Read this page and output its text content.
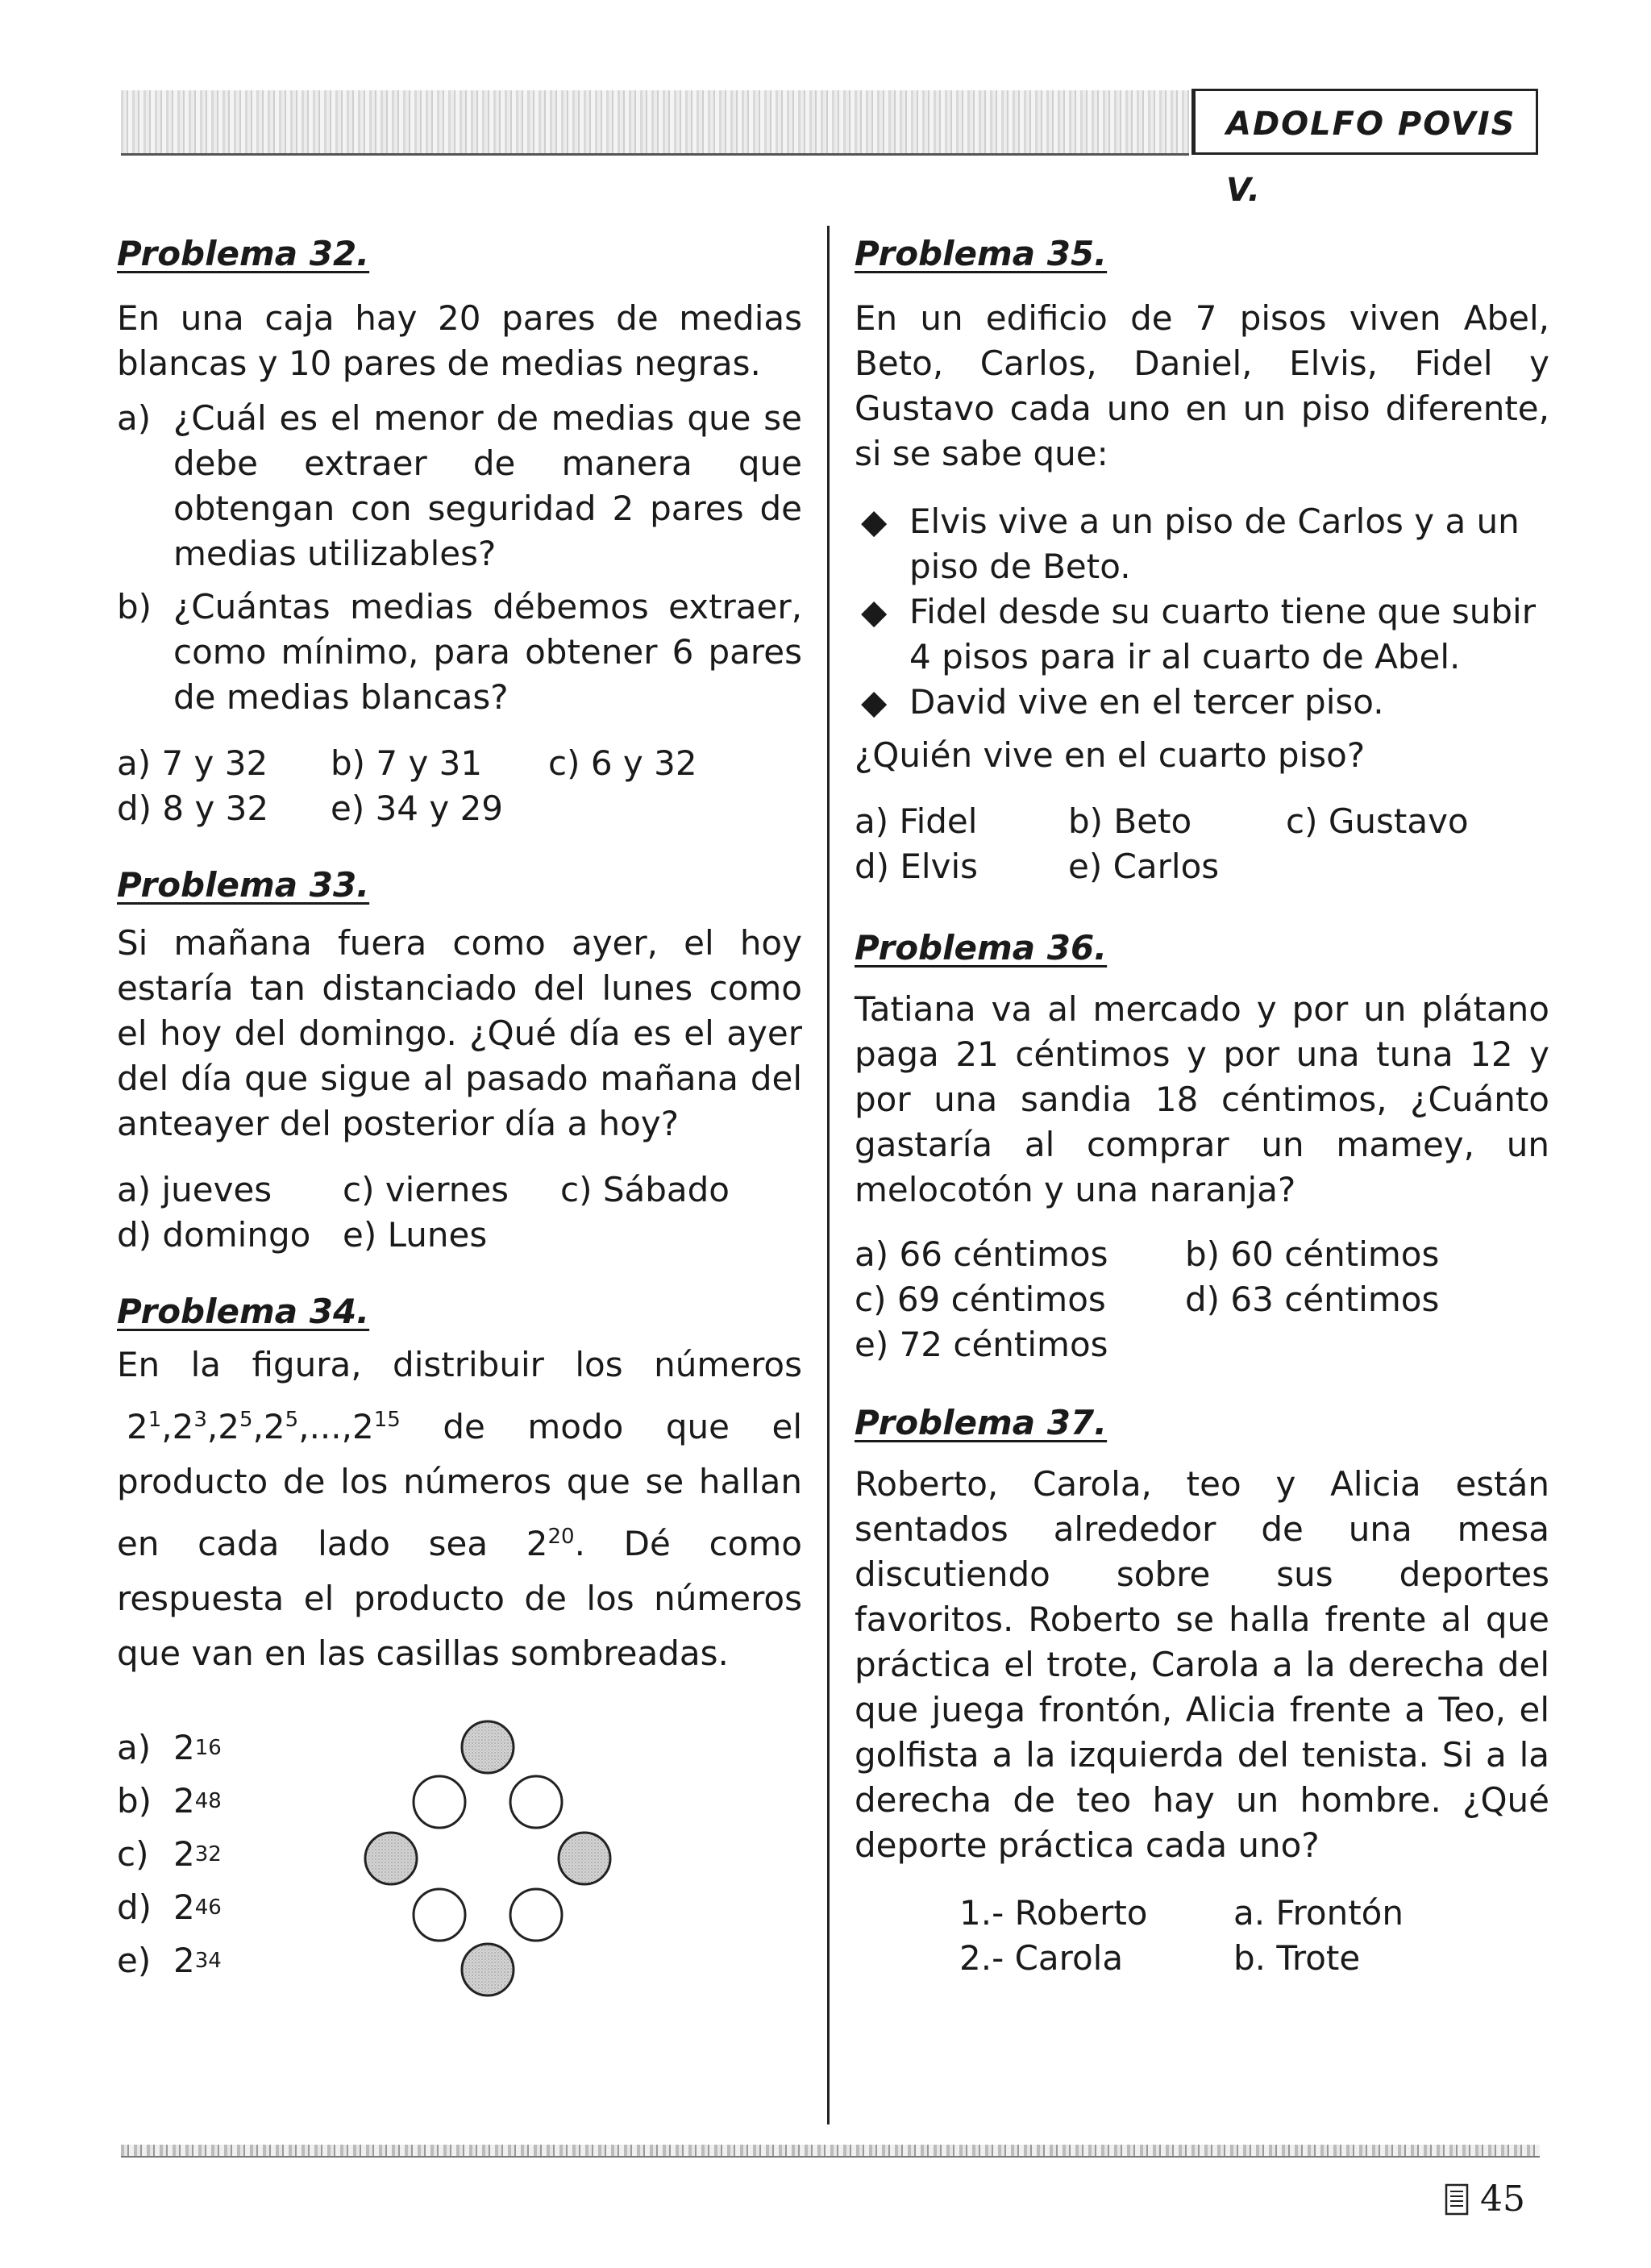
ADOLFO POVIS V.
Problema 32.

En una caja hay 20 pares de medias blancas y 10 pares de medias negras.

a) ¿Cuál es el menor de medias que se debe extraer de manera que obtengan con seguridad 2 pares de medias utilizables?
b) ¿Cuántas medias débemos extraer, como mínimo, para obtener 6 pares de medias blancas?
a) 7 y 32	b) 7 y 31	c) 6 y 32
d) 8 y 32	e) 34 y 29
Problema 33.

Si mañana fuera como ayer, el hoy estaría tan distanciado del lunes como el hoy del domingo. ¿Qué día es el ayer del día que sigue al pasado mañana del anteayer del posterior día a hoy?

a) jueves	c) viernes	c) Sábado
d) domingo e) Lunes
Problema 34.

En la figura, distribuir los números $2^1,2^3,2^5,2^5,...,2^{15}$ de modo que el producto de los números que se hallan en cada lado sea $2^{20}$. Dé como respuesta el producto de los números que van en las casillas sombreadas.

a) 2 16
b) 2 48
c) 2 32
d) 2 46
e) 2 34
Problema 35.

En un edificio de 7 pisos viven Abel, Beto, Carlos, Daniel, Elvis, Fidel y Gustavo cada uno en un piso diferente, si se sabe que:

◆ Elvis vive a un piso de Carlos y a un piso de Beto.
◆ Fidel desde su cuarto tiene que subir 4 pisos para ir al cuarto de Abel.
◆ David vive en el tercer piso.

¿Quién vive en el cuarto piso?

a) Fidel	b) Beto	c) Gustavo
d) Elvis	e) Carlos
Problema 36.

Tatiana va al mercado y por un plátano paga 21 céntimos y por una tuna 12 y por una sandia 18 céntimos, ¿Cuánto gastaría al comprar un mamey, un melocotón y una naranja?

a) 66 céntimos	b) 60 céntimos
c) 69 céntimos	d) 63 céntimos
e) 72 céntimos
Problema 37.

Roberto, Carola, teo y Alicia están sentados alrededor de una mesa discutiendo sobre sus deportes favoritos. Roberto se halla frente al que práctica el trote, Carola a la derecha del que juega frontón, Alicia frente a Teo, el golfista a la izquierda del tenista. Si a la derecha de teo hay un hombre. ¿Qué deporte práctica cada uno?

1.- Roberto	a. Frontón
2.- Carola	b. Trote
45
